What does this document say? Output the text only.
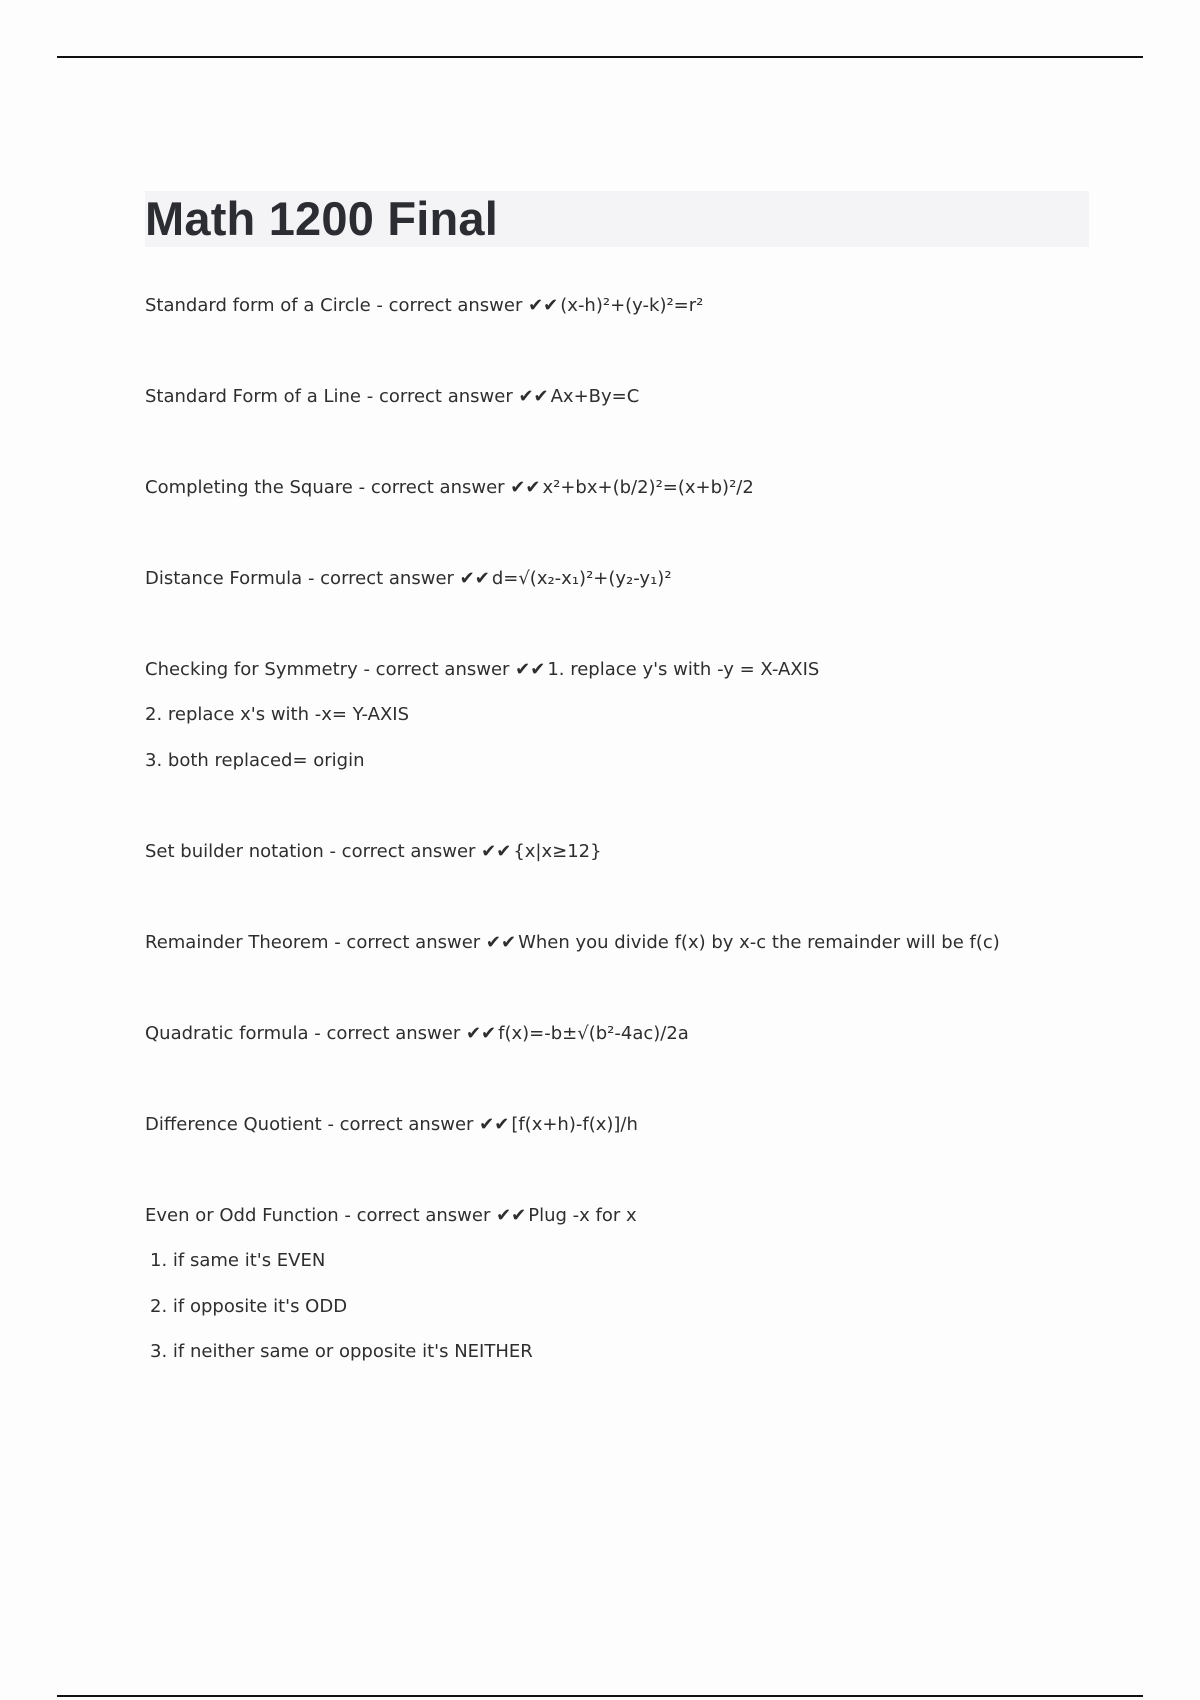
Math 1200 Final

Standard form of a Circle - correct answer ✔✔ (x-h)²+(y-k)²=r²

Standard Form of a Line - correct answer ✔✔ Ax+By=C

Completing the Square - correct answer ✔✔ x²+bx+(b/2)²=(x+b)²/2

Distance Formula - correct answer ✔✔ d=√(x₂-x₁)²+(y₂-y₁)²

Checking for Symmetry - correct answer ✔✔ 1. replace y's with -y = X-AXIS

2. replace x's with -x= Y-AXIS

3. both replaced= origin

Set builder notation - correct answer ✔✔ {x|x≥12}

Remainder Theorem - correct answer ✔✔ When you divide f(x) by x-c the remainder will be f(c)

Quadratic formula - correct answer ✔✔ f(x)=-b±√(b²-4ac)/2a

Difference Quotient - correct answer ✔✔ [f(x+h)-f(x)]/h

Even or Odd Function - correct answer ✔✔ Plug -x for x

1. if same it's EVEN

2. if opposite it's ODD

3. if neither same or opposite it's NEITHER
